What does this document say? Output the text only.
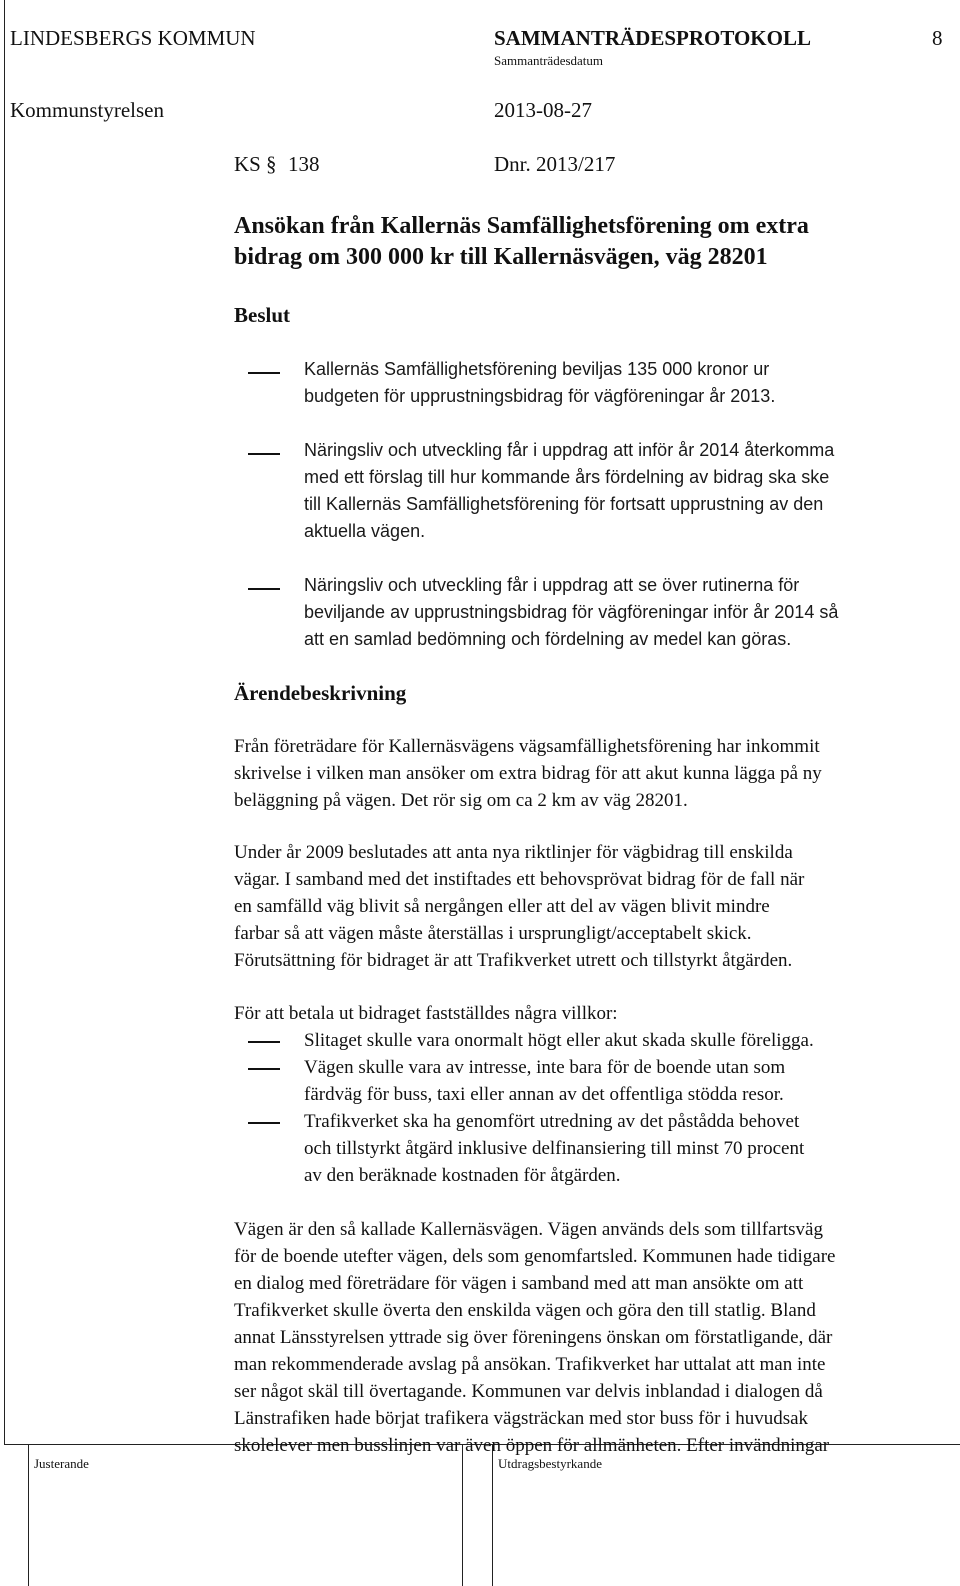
LINDESBERGS KOMMUN	SAMMANTRÄDESPROTOKOLL	8
Sammanträdesdatum
Kommunstyrelsen	2013-08-27
KS § 138	Dnr. 2013/217
Ansökan från Kallernäs Samfällighetsförening om extra
bidrag om 300 000 kr till Kallernäsvägen, väg 28201
Beslut
Kallernäs Samfällighetsförening beviljas 135 000 kronor ur
budgeten för upprustningsbidrag för vägföreningar år 2013.
Näringsliv och utveckling får i uppdrag att inför år 2014 återkomma
med ett förslag till hur kommande års fördelning av bidrag ska ske
till Kallernäs Samfällighetsförening för fortsatt upprustning av den
aktuella vägen.
Näringsliv och utveckling får i uppdrag att se över rutinerna för
beviljande av upprustningsbidrag för vägföreningar inför år 2014 så
att en samlad bedömning och fördelning av medel kan göras.
Ärendebeskrivning
Från företrädare för Kallernäsvägens vägsamfällighetsförening har inkommit
skrivelse i vilken man ansöker om extra bidrag för att akut kunna lägga på ny
beläggning på vägen. Det rör sig om ca 2 km av väg 28201.
Under år 2009 beslutades att anta nya riktlinjer för vägbidrag till enskilda
vägar. I samband med det instiftades ett behovsprövat bidrag för de fall när
en samfälld väg blivit så nergången eller att del av vägen blivit mindre
farbar så att vägen måste återställas i ursprungligt/acceptabelt skick.
Förutsättning för bidraget är att Trafikverket utrett och tillstyrkt åtgärden.
För att betala ut bidraget fastställdes några villkor:
Slitaget skulle vara onormalt högt eller akut skada skulle föreligga.
Vägen skulle vara av intresse, inte bara för de boende utan som
färdväg för buss, taxi eller annan av det offentliga stödda resor.
Trafikverket ska ha genomfört utredning av det påstådda behovet
och tillstyrkt åtgärd inklusive delfinansiering till minst 70 procent
av den beräknade kostnaden för åtgärden.
Vägen är den så kallade Kallernäsvägen. Vägen används dels som tillfartsväg
för de boende utefter vägen, dels som genomfartsled. Kommunen hade tidigare
en dialog med företrädare för vägen i samband med att man ansökte om att
Trafikverket skulle överta den enskilda vägen och göra den till statlig. Bland
annat Länsstyrelsen yttrade sig över föreningens önskan om förstatligande, där
man rekommenderade avslag på ansökan. Trafikverket har uttalat att man inte
ser något skäl till övertagande. Kommunen var delvis inblandad i dialogen då
Länstrafiken hade börjat trafikera vägsträckan med stor buss för i huvudsak
skolelever men busslinjen var även öppen för allmänheten. Efter invändningar
Justerande	Utdragsbestyrkande
